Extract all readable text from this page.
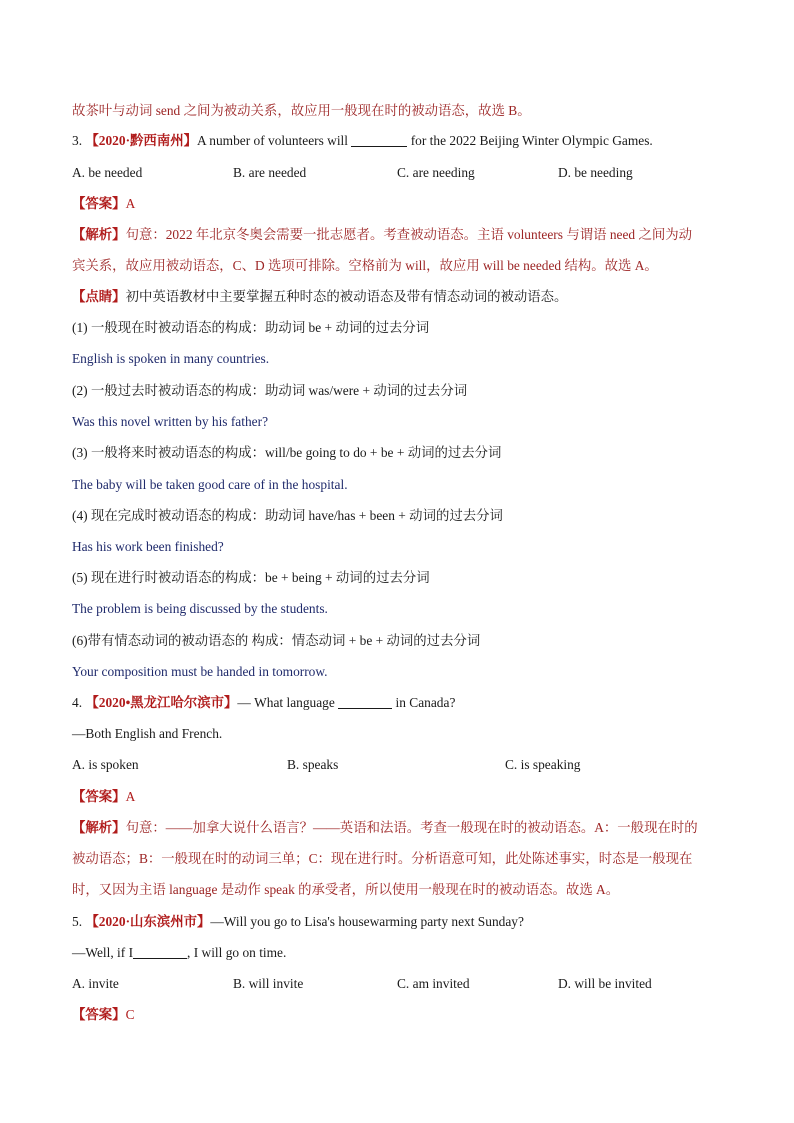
故茶叶与动词 send 之间为被动关系，故应用一般现在时的被动语态，故选 B。
3. 【2020·黔西南州】A number of volunteers will	for the 2022 Beijing Winter Olympic Games.
A. be needed	B. are needed	C. are needing	D. be needing
【答案】A
【解析】句意：2022 年北京冬奥会需要一批志愿者。考查被动语态。主语 volunteers 与谓语 need 之间为动
宾关系，故应用被动语态，C、D 选项可排除。空格前为 will，故应用 will be needed 结构。故选 A。
【点睛】初中英语教材中主要掌握五种时态的被动语态及带有情态动词的被动语态。
(1) 一般现在时被动语态的构成：助动词 be + 动词的过去分词
English is spoken in many countries.
(2) 一般过去时被动语态的构成：助动词 was/were + 动词的过去分词
Was this novel written by his father?
(3) 一般将来时被动语态的构成：will/be going to do + be + 动词的过去分词
The baby will be taken good care of in the hospital.
(4) 现在完成时被动语态的构成：助动词 have/has + been + 动词的过去分词
Has his work been finished?
(5) 现在进行时被动语态的构成：be + being + 动词的过去分词
The problem is being discussed by the students.
(6)带有情态动词的被动语态的 构成：情态动词 + be + 动词的过去分词
Your composition must be handed in tomorrow.
4. 【2020•黑龙江哈尔滨市】— What language	in Canada?
—Both English and French.
A. is spoken	B. speaks	C. is speaking
【答案】A
【解析】句意：——加拿大说什么语言？——英语和法语。考查一般现在时的被动语态。A：一般现在时的
被动语态；B：一般现在时的动词三单；C：现在进行时。分析语意可知，此处陈述事实，时态是一般现在
时，又因为主语 language 是动作 speak 的承受者，所以使用一般现在时的被动语态。故选 A。
5. 【2020·山东滨州市】—Will you go to Lisa's housewarming party next Sunday?
—Well, if I	, I will go on time.
A. invite	B. will invite	C. am invited	D. will be invited
【答案】C
